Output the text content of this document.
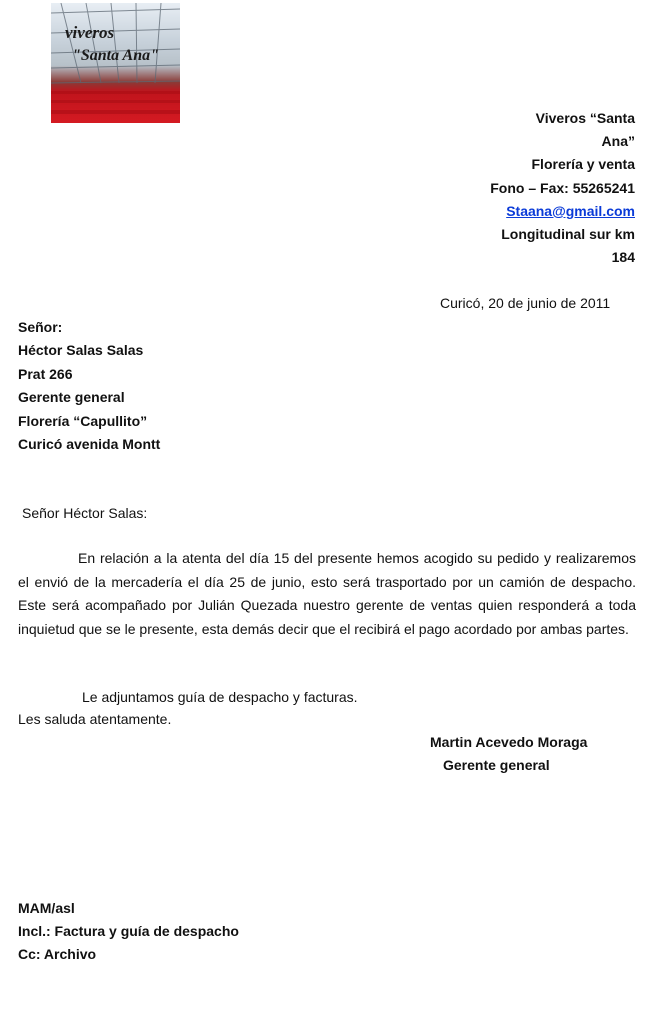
viveros
"Santa Ana"
Viveros “Santa
Ana”
Florería y venta
Fono – Fax: 55265241
Staana@gmail.com
Longitudinal sur km
184
Curicó, 20 de junio de 2011
Señor:
Héctor Salas Salas
Prat 266
Gerente general
Florería “Capullito”
Curicó avenida Montt
Señor Héctor Salas:

En relación a la atenta del día 15 del presente hemos acogido su pedido y realizaremos el envió de la mercadería el día 25 de junio, esto será trasportado por un camión de despacho. Este será acompañado por Julián Quezada nuestro gerente de ventas quien responderá a toda inquietud que se le presente, esta demás decir que el recibirá el pago acordado por ambas partes.

Le adjuntamos guía de despacho y facturas.
Les saluda atentamente.
Martin Acevedo Moraga
Gerente general
MAM/asl
Incl.: Factura y guía de despacho
Cc: Archivo
